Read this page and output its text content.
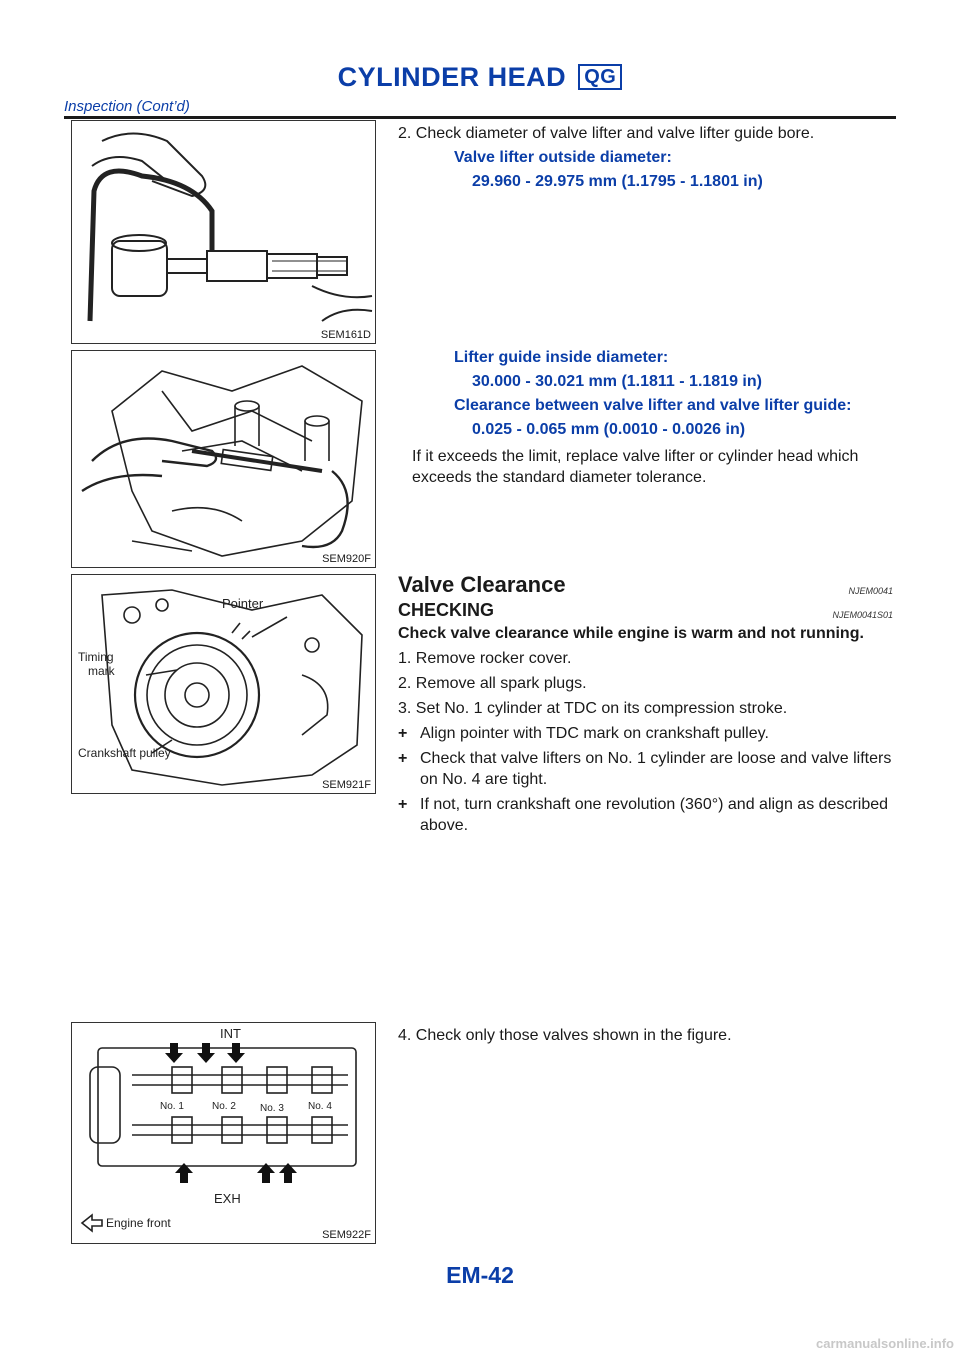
CYLINDER HEAD QG
Inspection (Cont’d)
SEM161D
SEM920F
Pointer
Timing
mark
Crankshaft pulley
SEM921F
INT
No. 1	No. 2 No. 3 No. 4
EXH
Engine front
SEM922F
2. Check diameter of valve lifter and valve lifter guide bore.
Valve lifter outside diameter:
29.960 - 29.975 mm (1.1795 - 1.1801 in)
Lifter guide inside diameter:
30.000 - 30.021 mm (1.1811 - 1.1819 in)
Clearance between valve lifter and valve lifter guide:
0.025 - 0.065 mm (0.0010 - 0.0026 in)
If it exceeds the limit, replace valve lifter or cylinder head which exceeds the standard diameter tolerance.
Valve Clearance	NJEM0041
CHECKING	NJEM0041S01
Check valve clearance while engine is warm and not running.
1. Remove rocker cover.
2. Remove all spark plugs.
3. Set No. 1 cylinder at TDC on its compression stroke.
+ Align pointer with TDC mark on crankshaft pulley.
+ Check that valve lifters on No. 1 cylinder are loose and valve lifters on No. 4 are tight.
+ If not, turn crankshaft one revolution (360°) and align as described above.
4. Check only those valves shown in the figure.
EM-42
carmanualsonline.info
